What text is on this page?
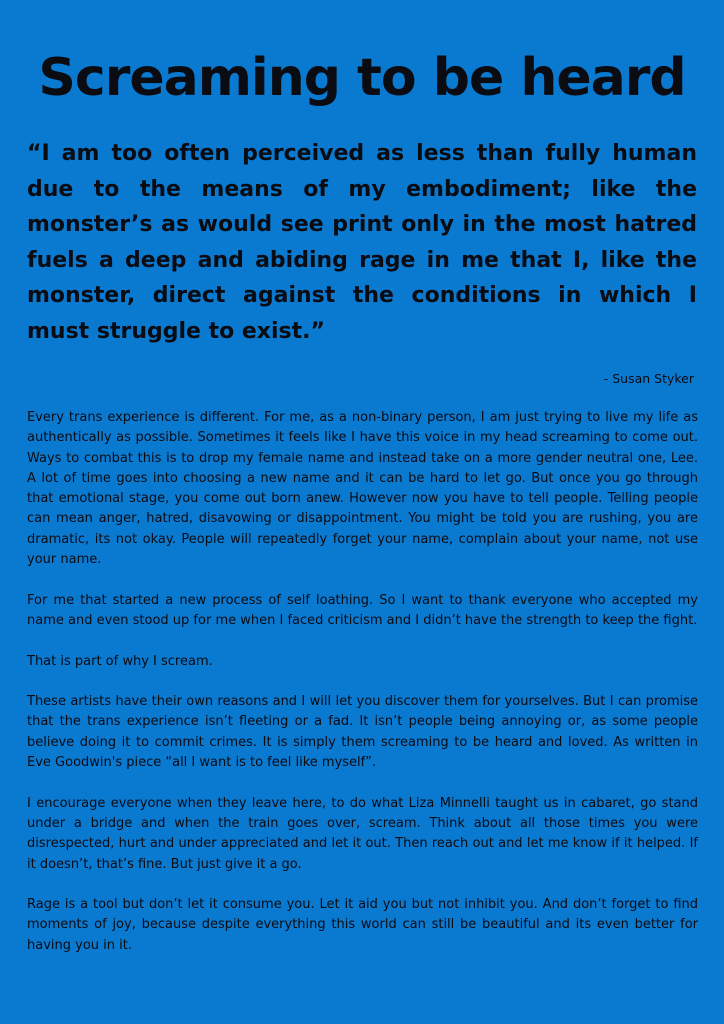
Screaming to be heard

“I am too often perceived as less than fully human due to the means of my embodiment; like the monster’s as would see print only in the most hatred fuels a deep and abiding rage in me that I, like the monster, direct against the conditions in which I must struggle to exist.”

- Susan Styker

Every trans experience is different. For me, as a non-binary person, I am just trying to live my life as authentically as possible. Sometimes it feels like I have this voice in my head screaming to come out. Ways to combat this is to drop my female name and instead take on a more gender neutral one, Lee. A lot of time goes into choosing a new name and it can be hard to let go. But once you go through that emotional stage, you come out born anew. However now you have to tell people. Telling people can mean anger, hatred, disavowing or disappointment. You might be told you are rushing, you are dramatic, its not okay. People will repeatedly forget your name, complain about your name, not use your name.

For me that started a new process of self loathing. So I want to thank everyone who accepted my name and even stood up for me when I faced criticism and I didn’t have the strength to keep the fight.

That is part of why I scream.

These artists have their own reasons and I will let you discover them for yourselves. But I can promise that the trans experience isn’t fleeting or a fad. It isn’t people being annoying or, as some people believe doing it to commit crimes. It is simply them screaming to be heard and loved. As written in Eve Goodwin's piece “all I want is to feel like myself”.

I encourage everyone when they leave here, to do what Liza Minnelli taught us in cabaret, go stand under a bridge and when the train goes over, scream. Think about all those times you were disrespected, hurt and under appreciated and let it out. Then reach out and let me know if it helped. If it doesn’t, that’s fine. But just give it a go.

Rage is a tool but don’t let it consume you. Let it aid you but not inhibit you. And don’t forget to find moments of joy, because despite everything this world can still be beautiful and its even better for having you in it.
